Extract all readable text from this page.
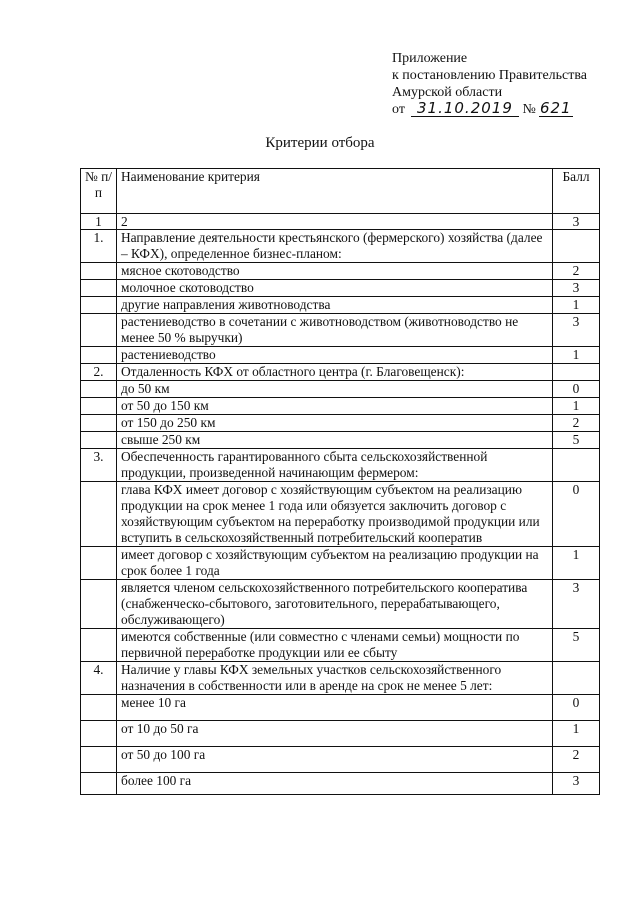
Приложение
к постановлению Правительства
Амурской области
от 31.10.2019 № 621
Критерии отбора
№ п/п	Наименование критерия	Балл
1	2	3
1.	Направление деятельности крестьянского (фермерского) хозяйства (далее – КФХ), определенное бизнес-планом:	
	мясное скотоводство	2
	молочное скотоводство	3
	другие направления животноводства	1
	растениеводство в сочетании с животноводством (животноводство не менее 50 % выручки)	3
	растениеводство	1
2.	Отдаленность КФХ от областного центра (г. Благовещенск):	
	до 50 км	0
	от 50 до 150 км	1
	от 150 до 250 км	2
	свыше 250 км	5
3.	Обеспеченность гарантированного сбыта сельскохозяйственной продукции, произведенной начинающим фермером:	
	глава КФХ имеет договор с хозяйствующим субъектом на реализацию продукции на срок менее 1 года или обязуется заключить договор с хозяйствующим субъектом на переработку производимой продукции или вступить в сельскохозяйственный потребительский кооператив	0
	имеет договор с хозяйствующим субъектом на реализацию продукции на срок более 1 года	1
	является членом сельскохозяйственного потребительского кооператива (снабженческо-сбытового, заготовительного, перерабатывающего, обслуживающего)	3
	имеются собственные (или совместно с членами семьи) мощности по первичной переработке продукции или ее сбыту	5
4.	Наличие у главы КФХ земельных участков сельскохозяйственного назначения в собственности или в аренде на срок не менее 5 лет:	
	менее 10 га	0
	от 10 до 50 га	1
	от 50 до 100 га	2
	более 100 га	3
